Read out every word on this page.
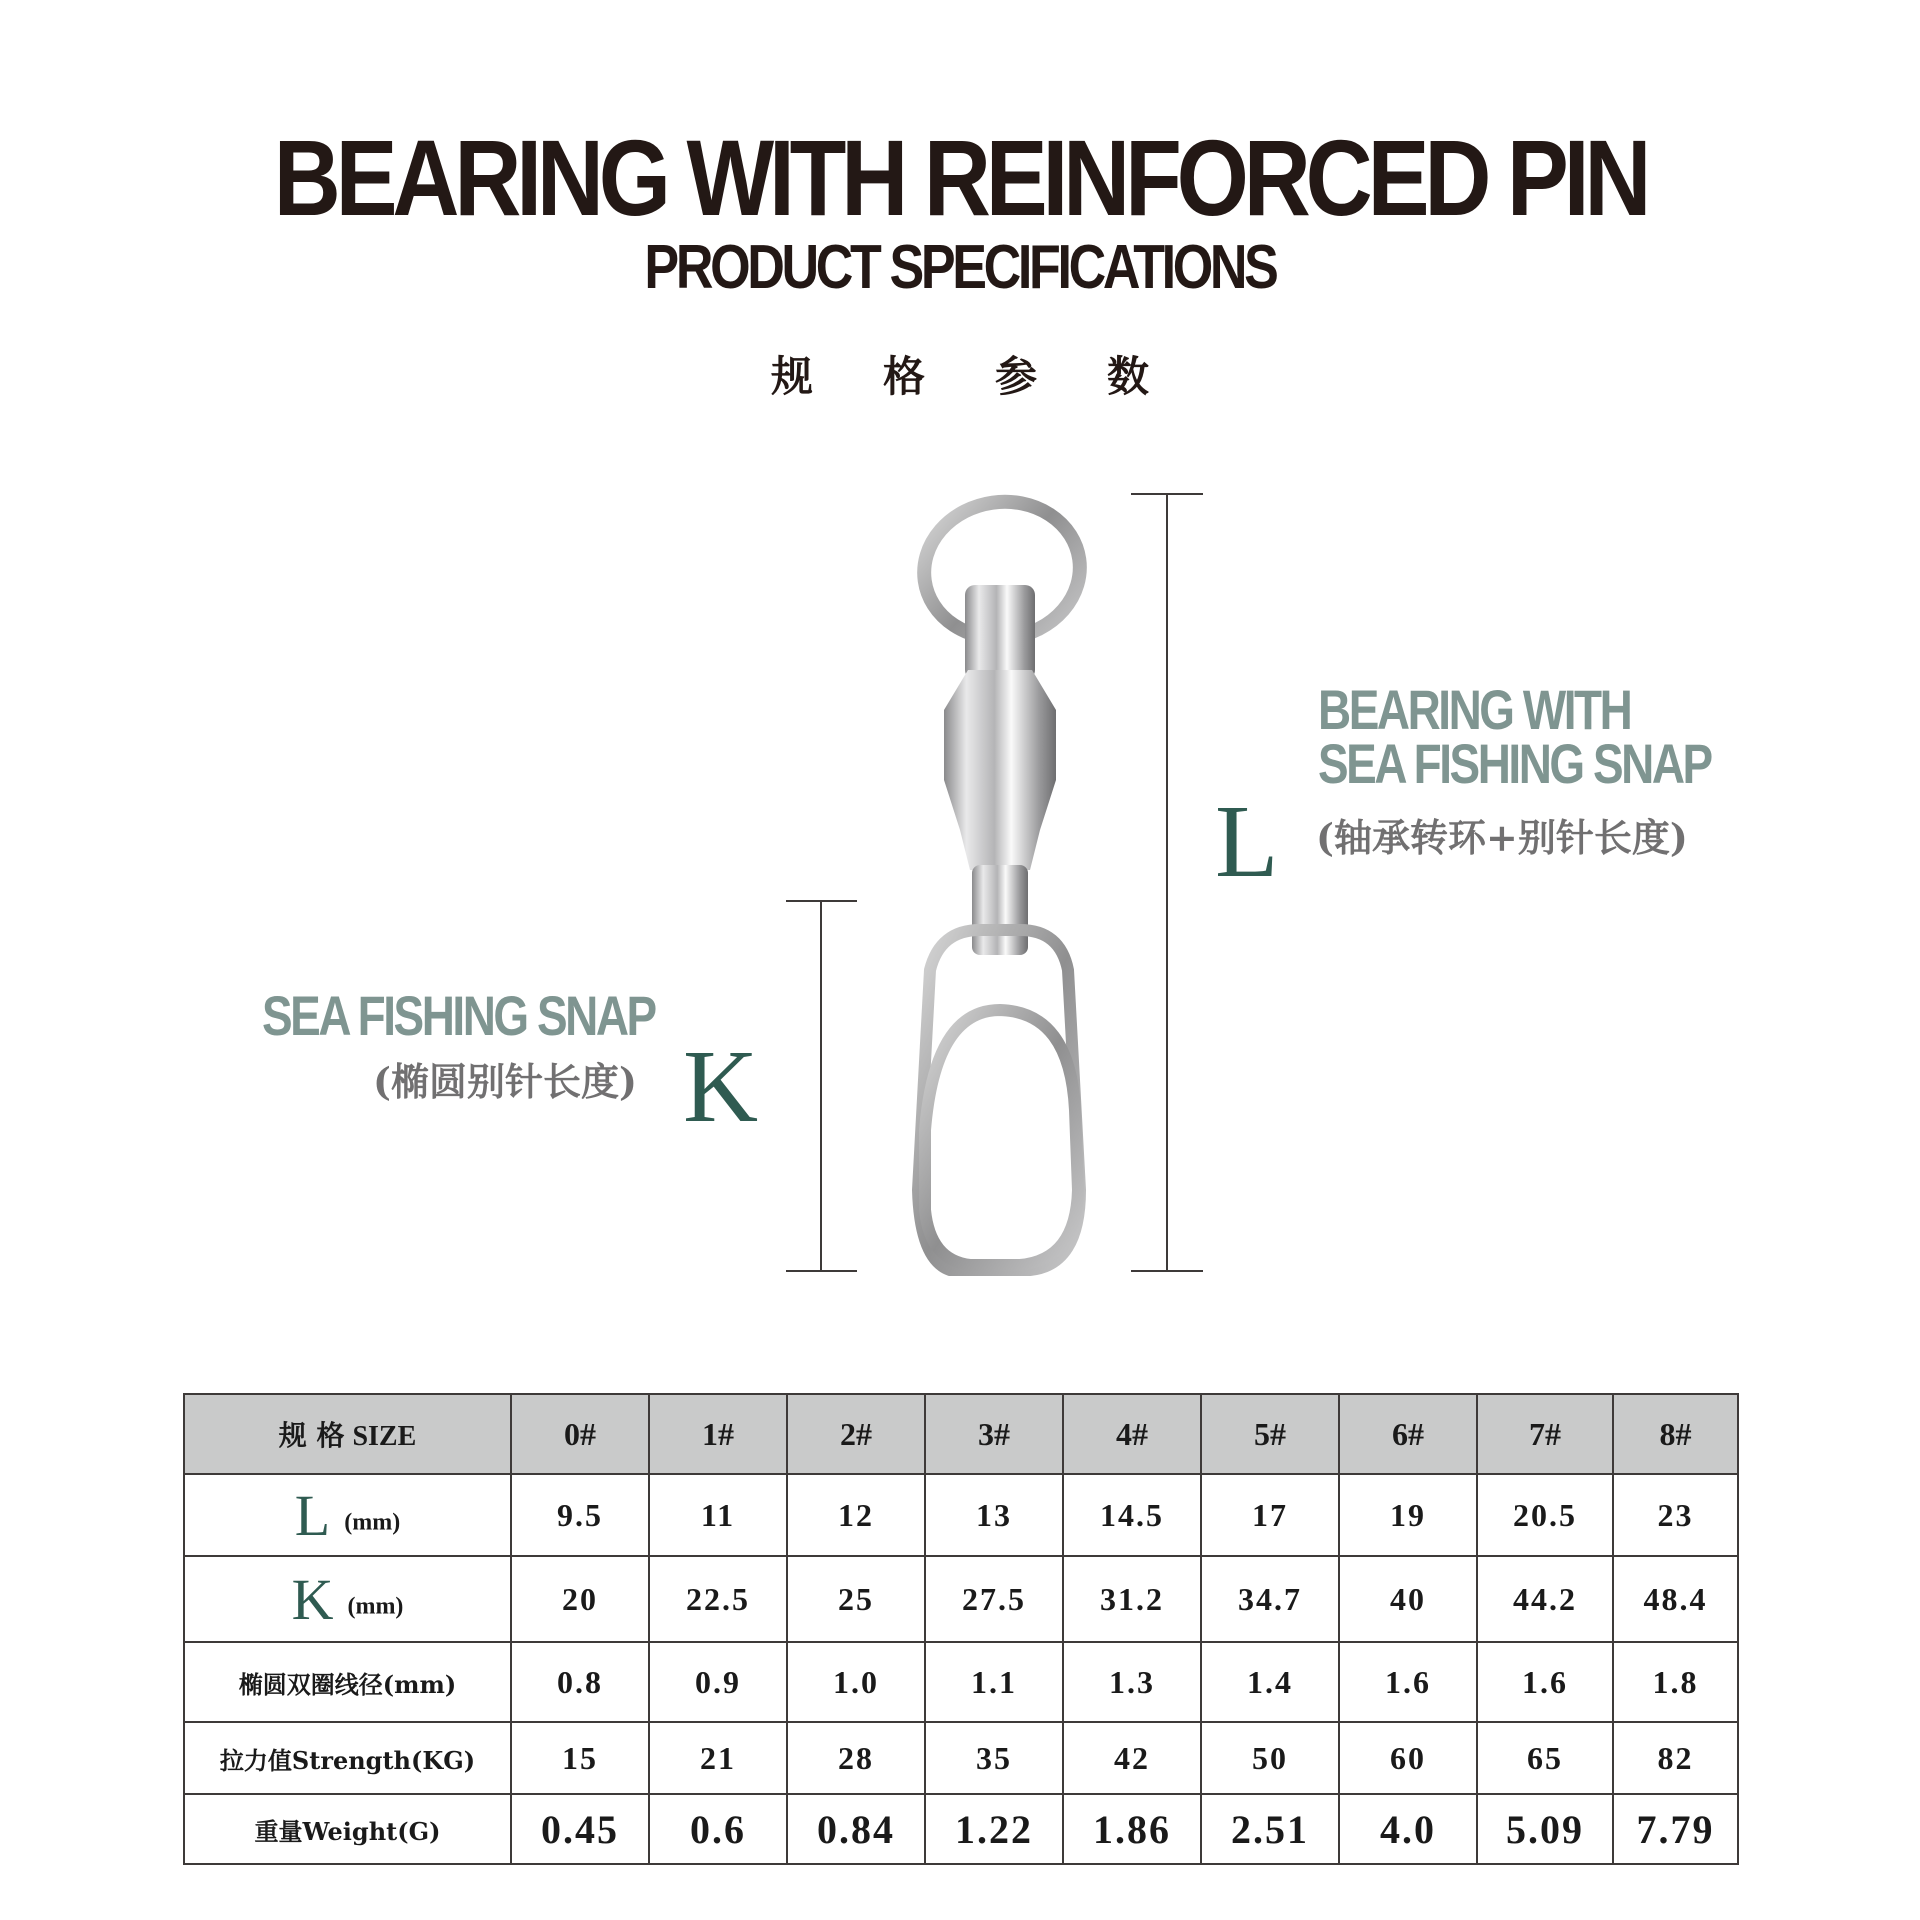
BEARING WITH REINFORCED PIN
PRODUCT SPECIFICATIONS
规格参数
L
BEARING WITH
SEA FISHING SNAP
(轴承转环+别针长度)
K
SEA FISHING SNAP
(椭圆别针长度)
规 格 SIZE	0#	1#	2#	3#	4#	5#	6#	7#	8#
L (mm)	9.5	11	12	13	14.5	17	19	20.5	23
K (mm)	20	22.5	25	27.5	31.2	34.7	40	44.2	48.4
椭圆双圈线径(mm)	0.8	0.9	1.0	1.1	1.3	1.4	1.6	1.6	1.8
拉力值Strength(KG)	15	21	28	35	42	50	60	65	82
重量Weight(G)	0.45	0.6	0.84	1.22	1.86	2.51	4.0	5.09	7.79
